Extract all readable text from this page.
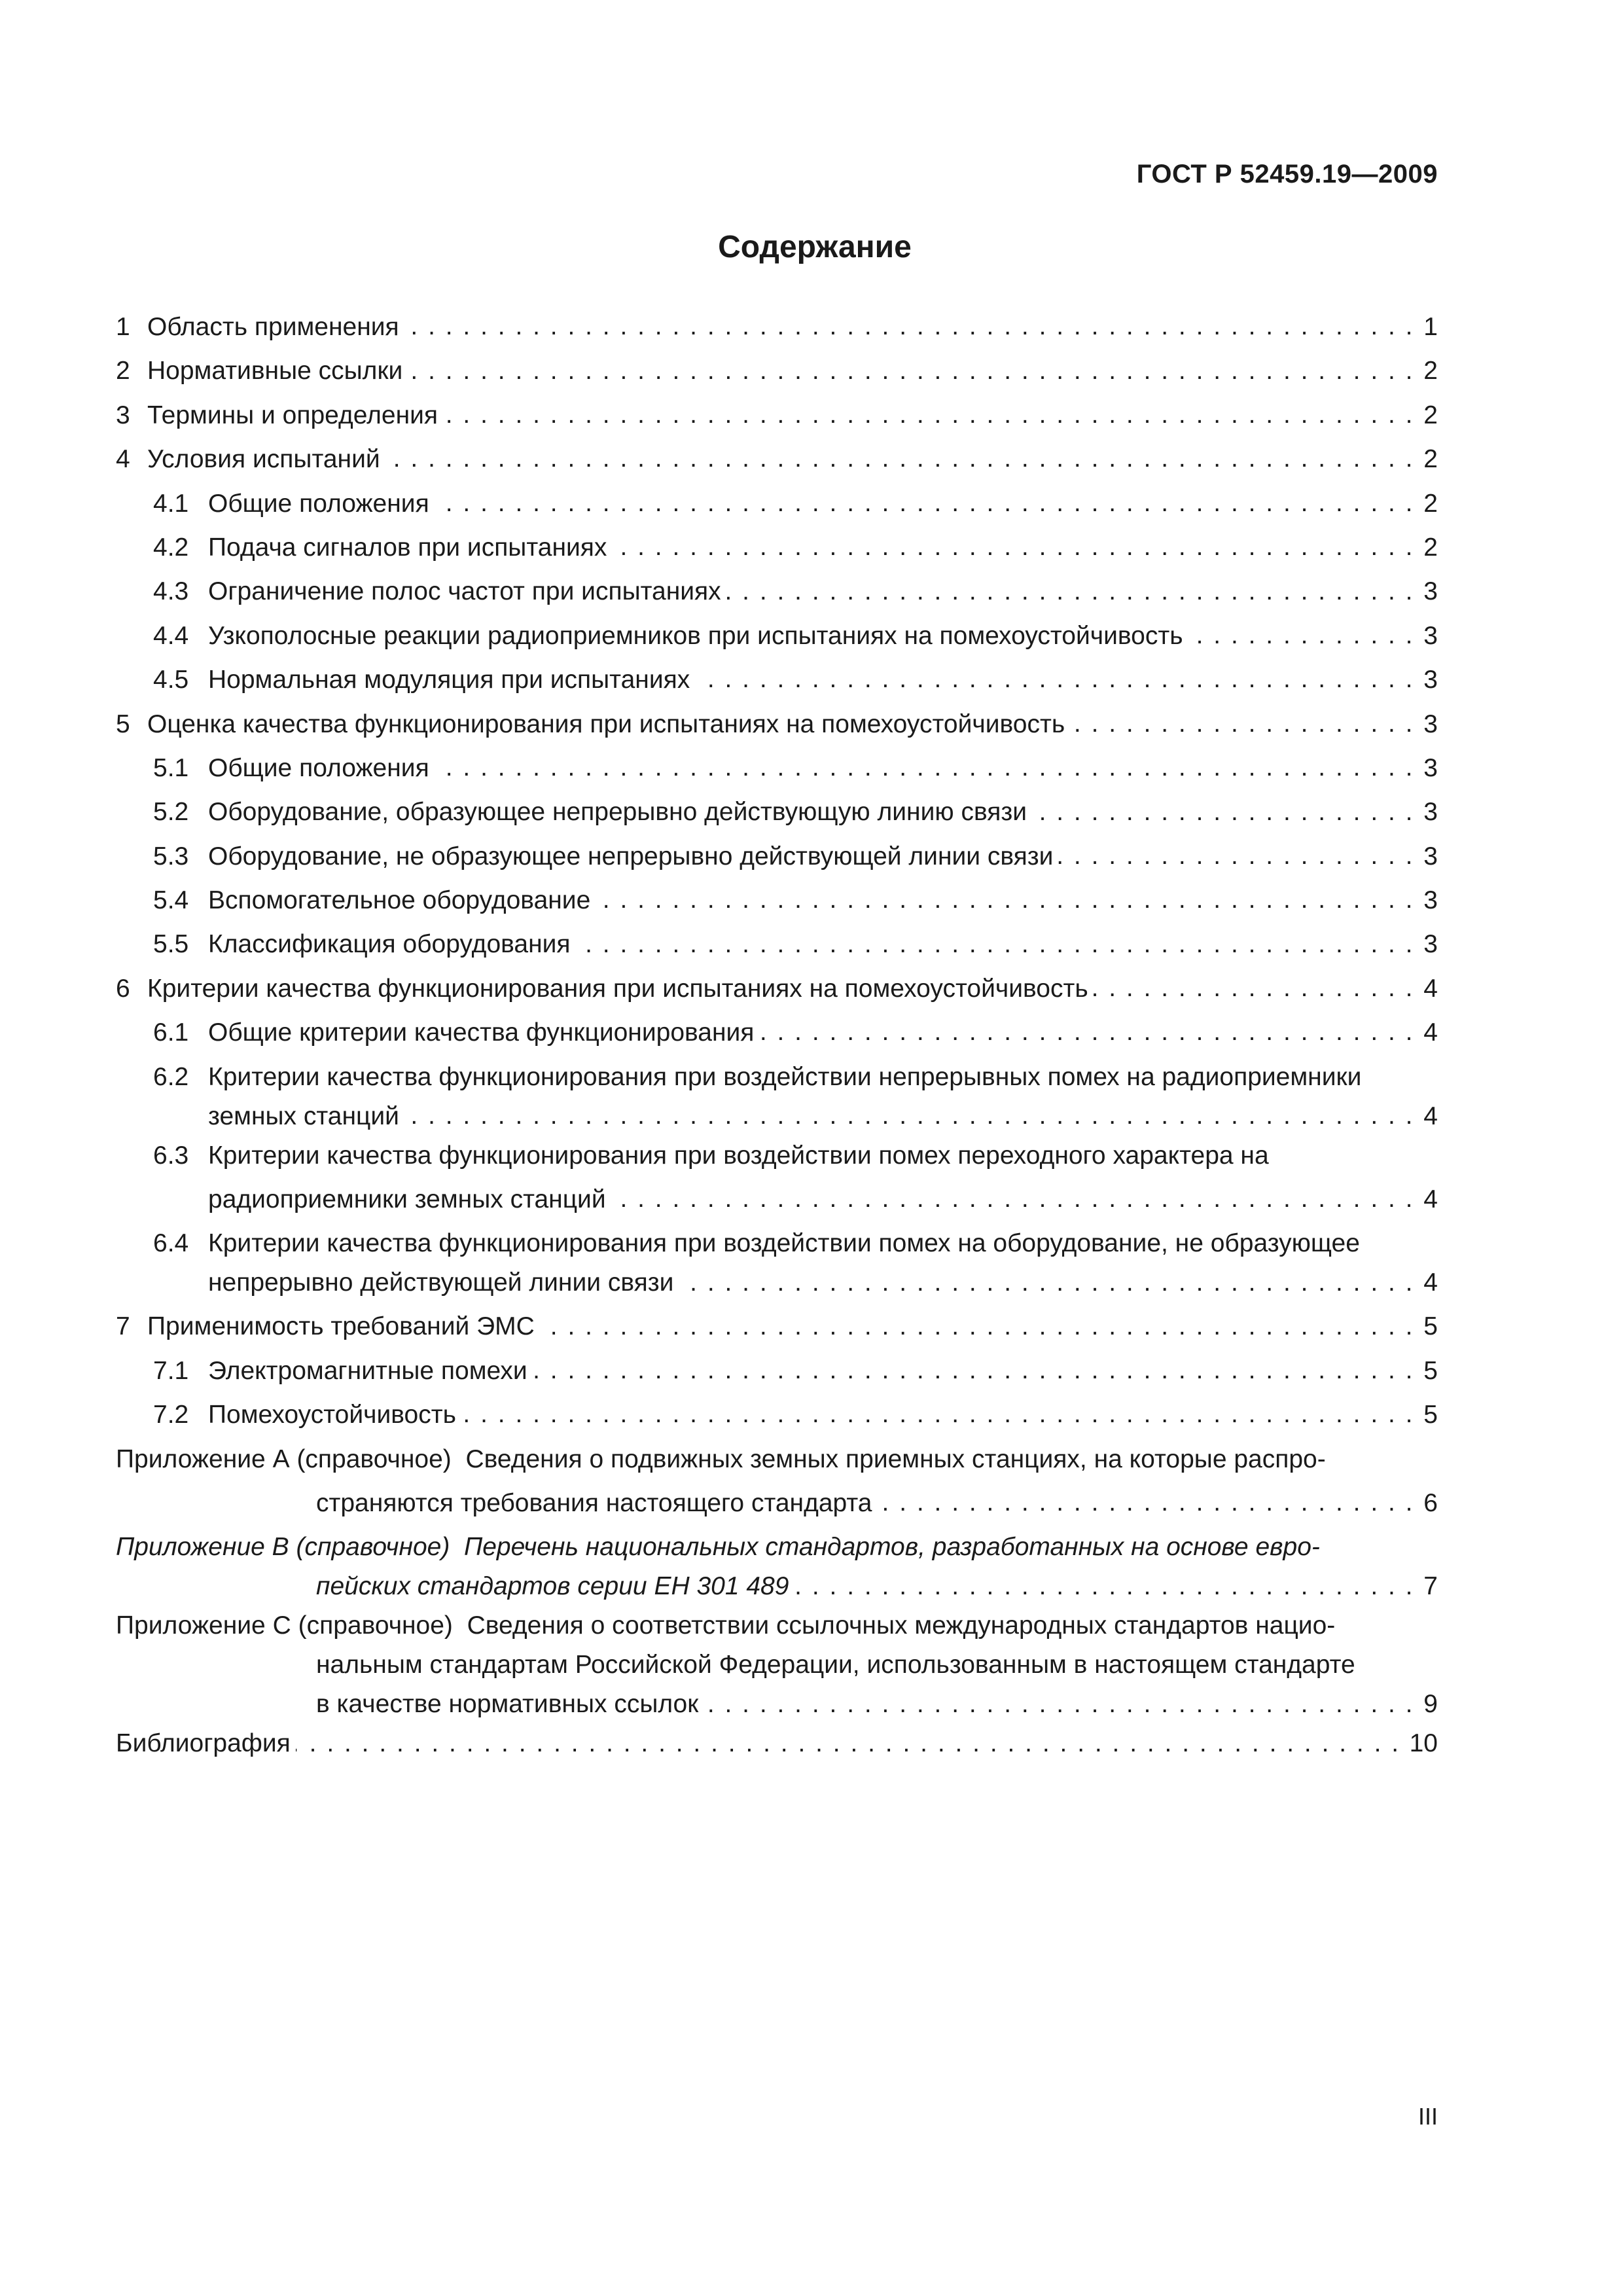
ГОСТ Р 52459.19—2009
Содержание
1 Область применения . . .	1
2 Нормативные ссылки . . .	2
3 Термины и определения . . .	2
4 Условия испытаний . . .	2
4.1 Общие положения . . .	2
4.2 Подача сигналов при испытаниях . . .	2
4.3 Ограничение полос частот при испытаниях . . .	3
4.4 Узкополосные реакции радиоприемников при испытаниях на помехоустойчивость . . .	3
4.5 Нормальная модуляция при испытаниях . . .	3
5 Оценка качества функционирования при испытаниях на помехоустойчивость . . .	3
5.1 Общие положения . . .	3
5.2 Оборудование, образующее непрерывно действующую линию связи . . .	3
5.3 Оборудование, не образующее непрерывно действующей линии связи . . .	3
5.4 Вспомогательное оборудование . . .	3
5.5 Классификация оборудования . . .	3
6 Критерии качества функционирования при испытаниях на помехоустойчивость . . .	4
6.1 Общие критерии качества функционирования . . .	4
6.2 Критерии качества функционирования при воздействии непрерывных помех на радиоприемники
земных станций . . .	4
6.3 Критерии качества функционирования при воздействии помех переходного характера на
радиоприемники земных станций . . .	4
6.4 Критерии качества функционирования при воздействии помех на оборудование, не образующее
непрерывно действующей линии связи . . .	4
7 Применимость требований ЭМС . . .	5
7.1 Электромагнитные помехи . . .	5
7.2 Помехоустойчивость . . .	5
Приложение А (справочное) Сведения о подвижных земных приемных станциях, на которые распро-
страняются требования настоящего стандарта . . .	6
Приложение В (справочное) Перечень национальных стандартов, разработанных на основе евро-
пейских стандартов серии ЕН 301 489 . . .	7
Приложение С (справочное) Сведения о соответствии ссылочных международных стандартов нацио-
нальным стандартам Российской Федерации, использованным в настоящем стандарте
в качестве нормативных ссылок . . .	9
Библиография . . .	10
III
